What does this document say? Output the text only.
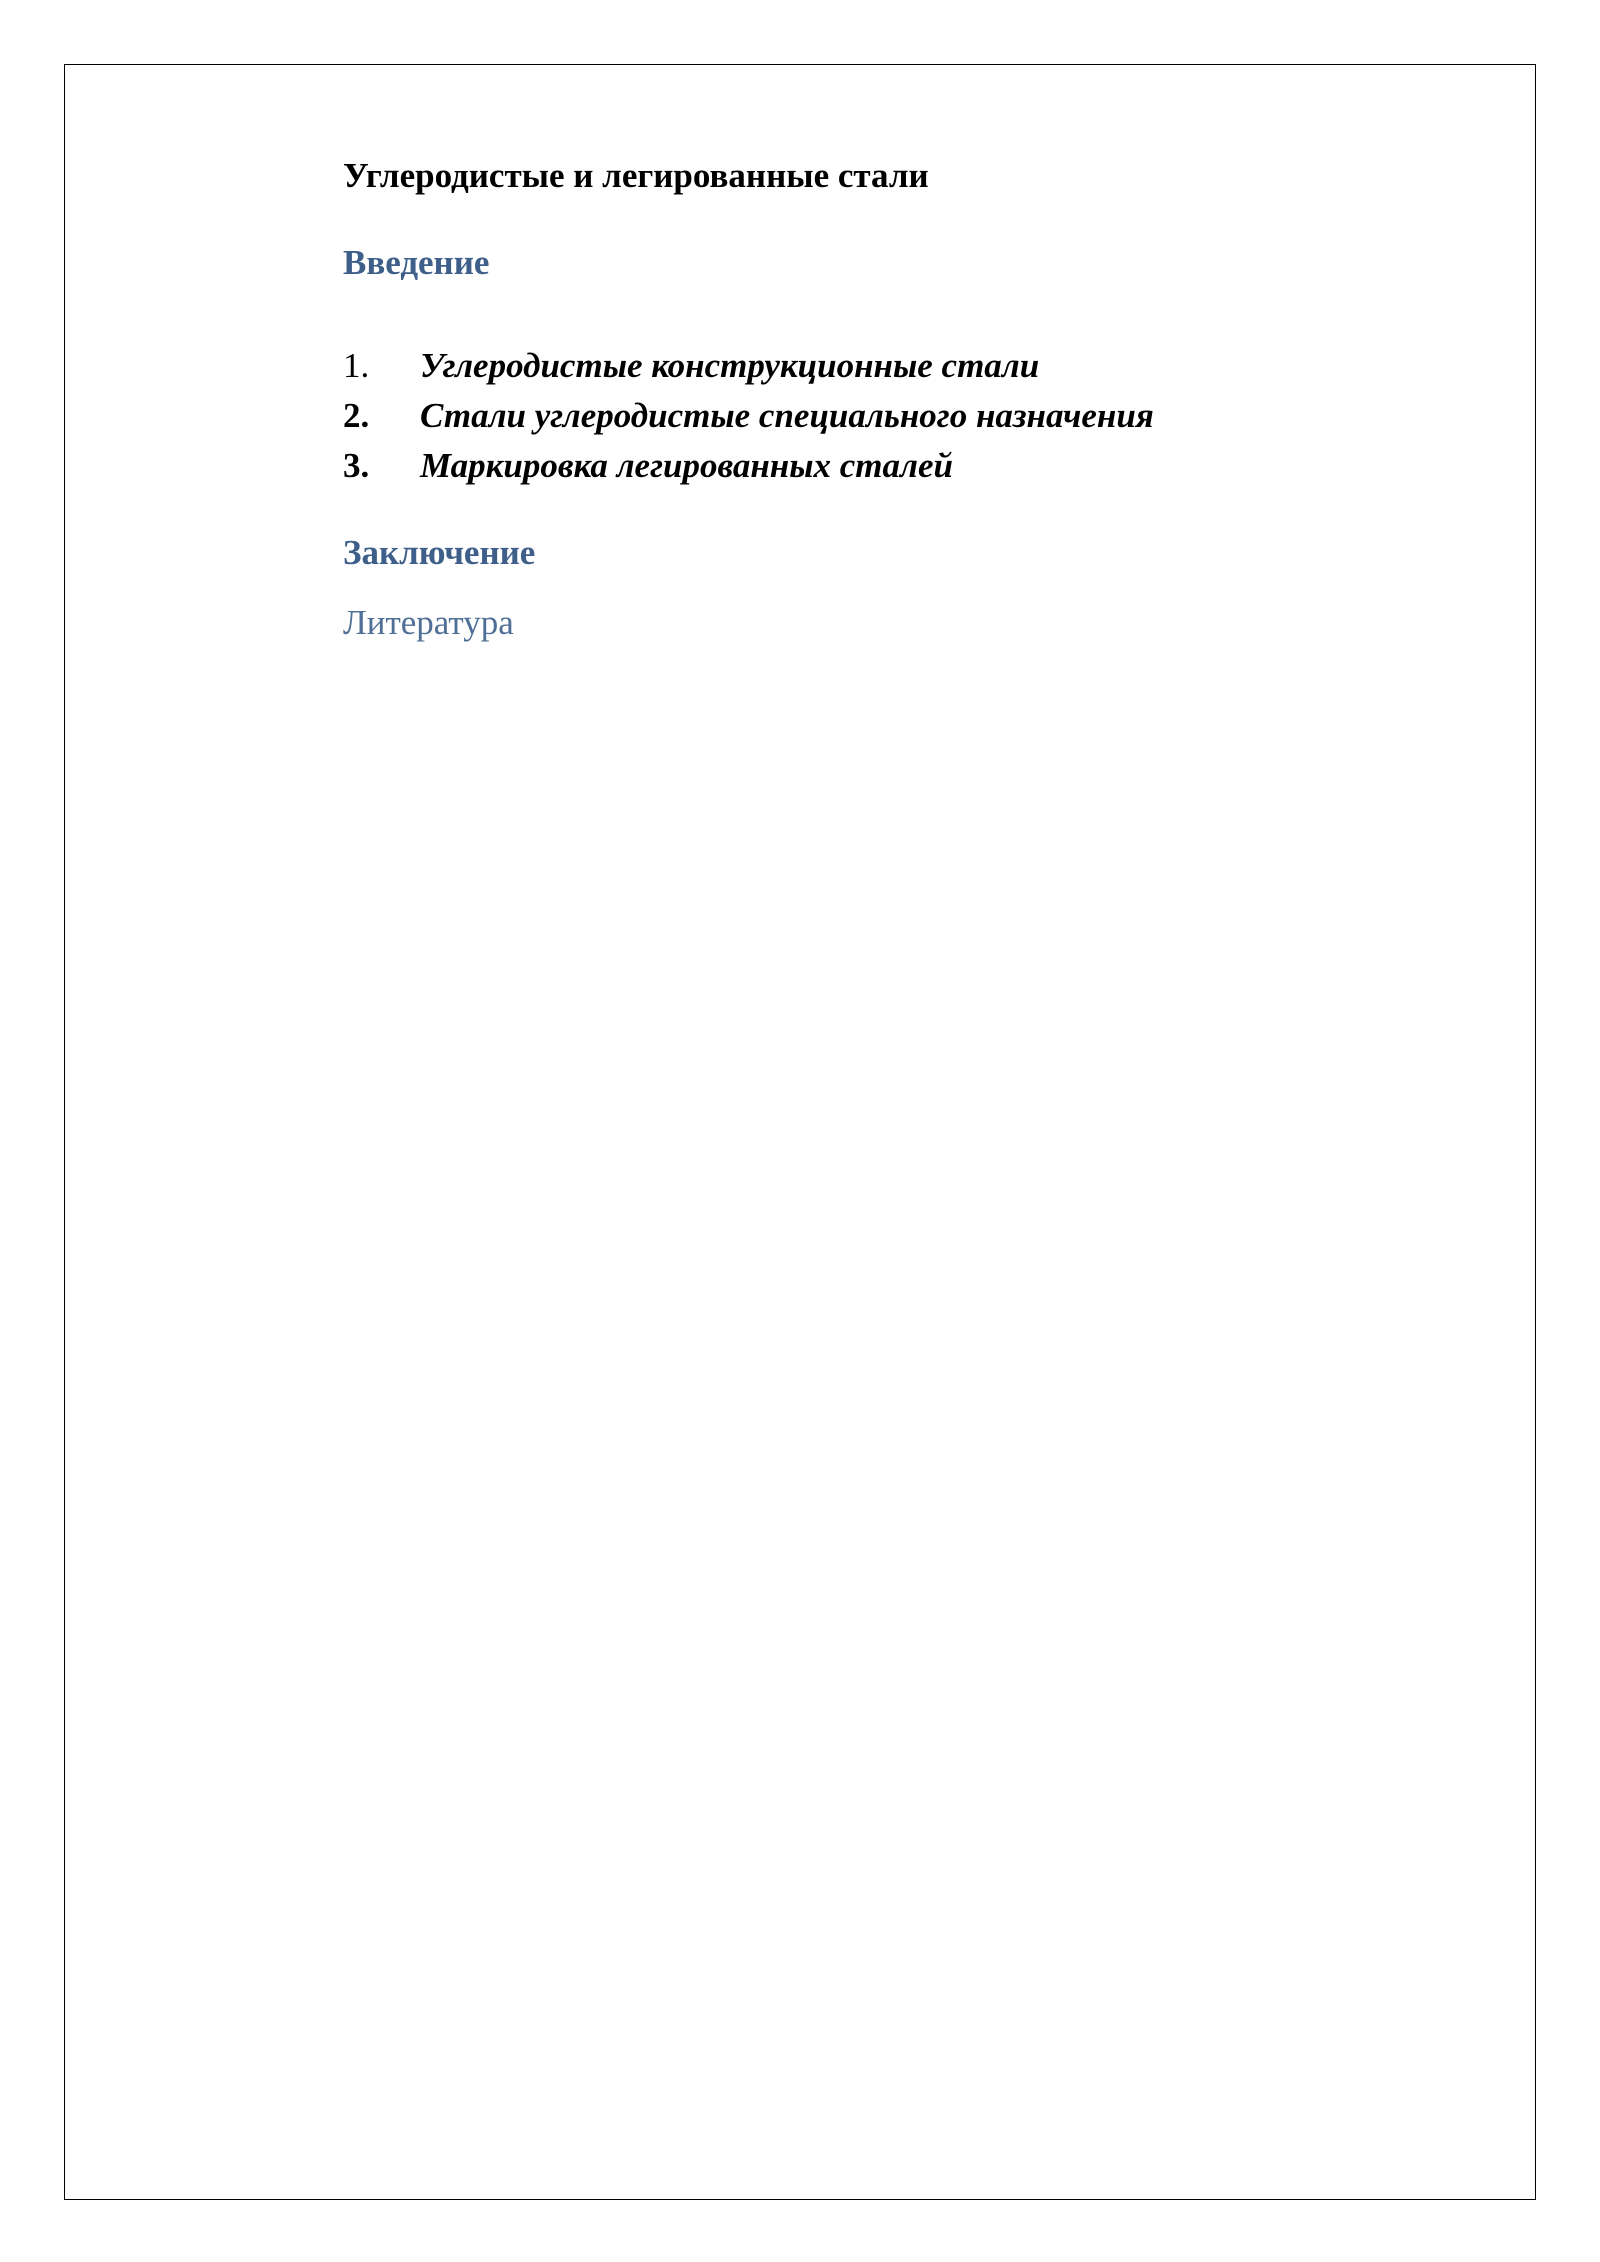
Углеродистые и легированные стали
Введение
1. Углеродистые конструкционные стали
2. Стали углеродистые специального назначения
3. Маркировка легированных сталей
Заключение
Литература
